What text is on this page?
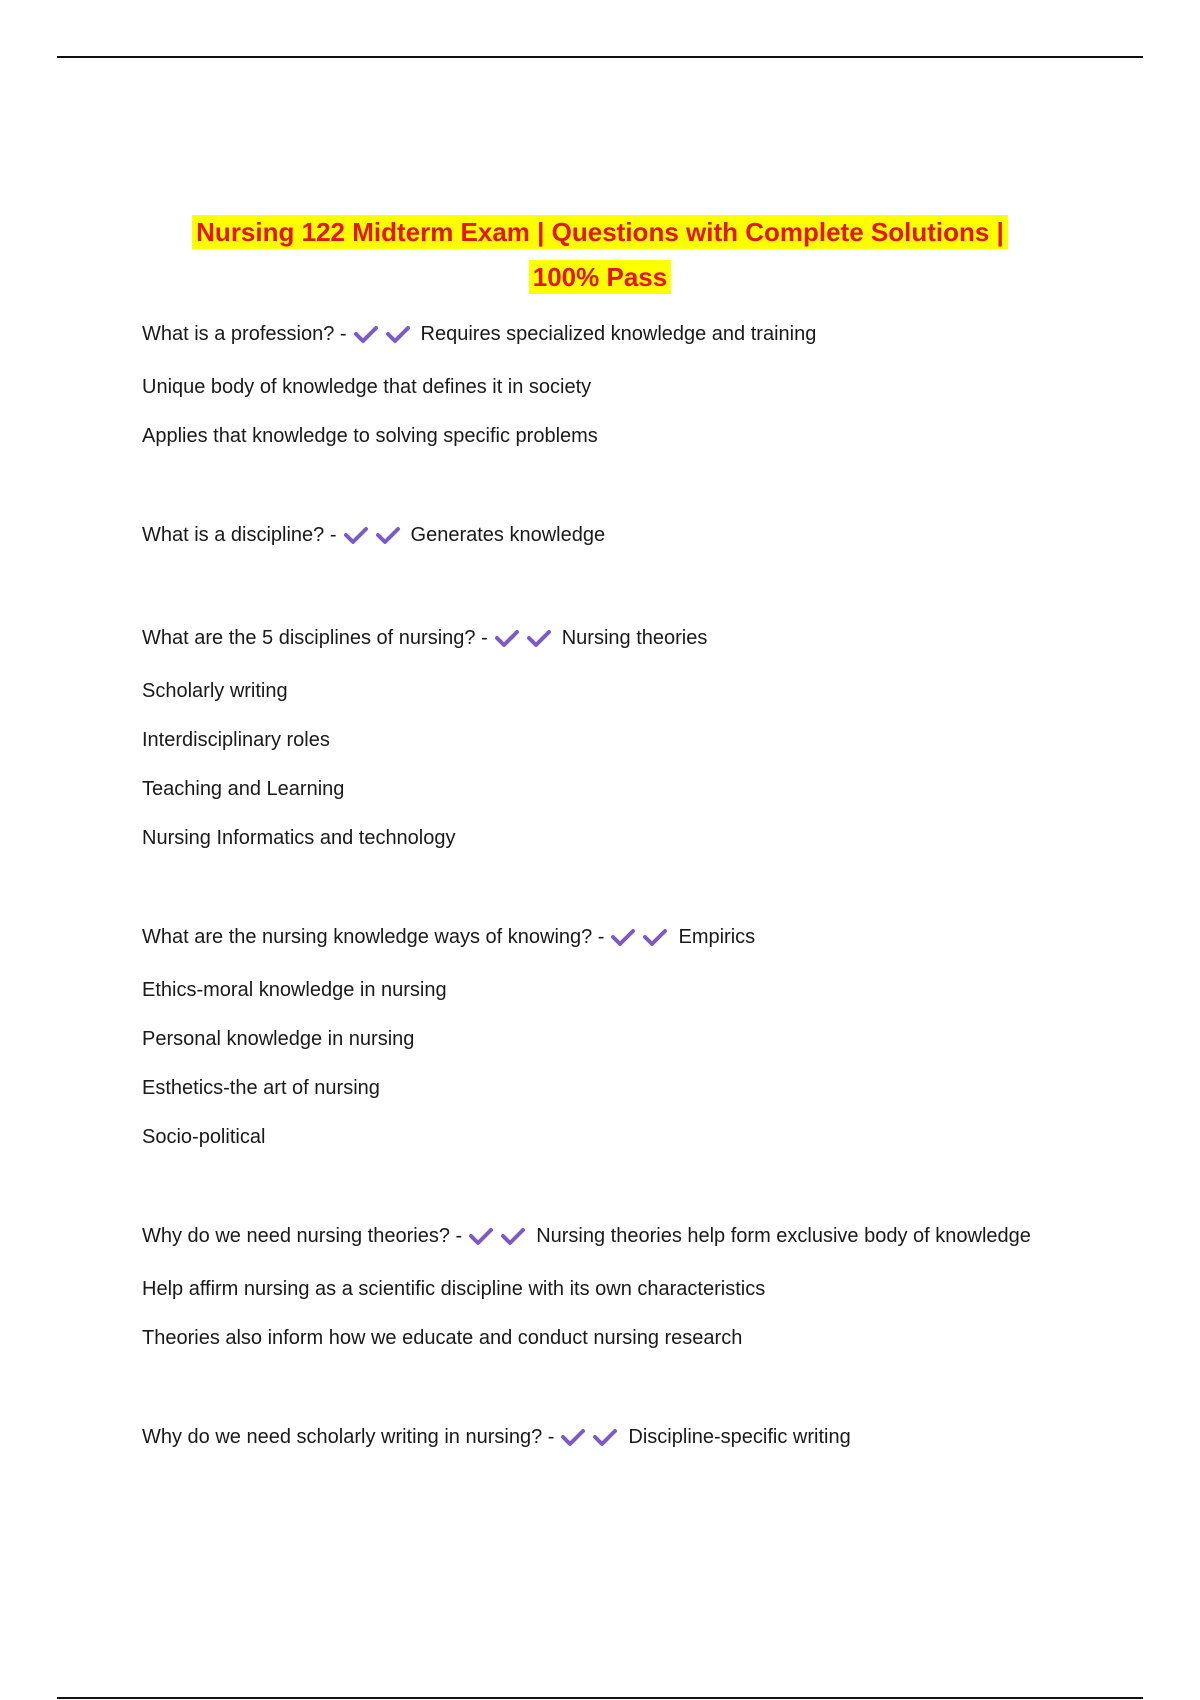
Nursing 122 Midterm Exam | Questions with Complete Solutions |
100% Pass

What is a profession? -	Requires specialized knowledge and training

Unique body of knowledge that defines it in society

Applies that knowledge to solving specific problems

What is a discipline? -	Generates knowledge

What are the 5 disciplines of nursing? -	Nursing theories

Scholarly writing

Interdisciplinary roles

Teaching and Learning

Nursing Informatics and technology

What are the nursing knowledge ways of knowing? -	Empirics

Ethics-moral knowledge in nursing

Personal knowledge in nursing

Esthetics-the art of nursing

Socio-political

Why do we need nursing theories? -	Nursing theories help form exclusive body of knowledge

Help affirm nursing as a scientific discipline with its own characteristics

Theories also inform how we educate and conduct nursing research

Why do we need scholarly writing in nursing? -	Discipline-specific writing
